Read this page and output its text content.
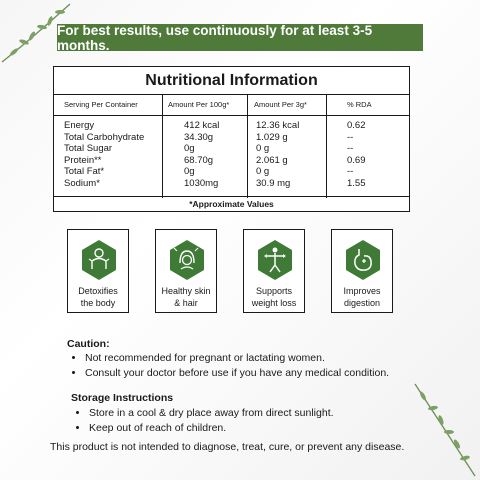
For best results, use continuously for at least 3-5 months.
Nutritional Information
Serving Per Container	Amount Per 100g*	Amount Per 3g*	% RDA
Energy	412 kcal	12.36 kcal	0.62
Total Carbohydrate	34.30g	1.029 g	--
Total Sugar	0g	0 g	--
Protein**	68.70g	2.061 g	0.69
Total Fat*	0g	0 g	--
Sodium*	1030mg	30.9 mg	1.55
*Approximate Values
Detoxifies
the body
Healthy skin
& hair
Supports
weight loss
Improves
digestion
Caution:
• Not recommended for pregnant or lactating women.
• Consult your doctor before use if you have any medical condition.
Storage Instructions
• Store in a cool & dry place away from direct sunlight.
• Keep out of reach of children.
This product is not intended to diagnose, treat, cure, or prevent any disease.
